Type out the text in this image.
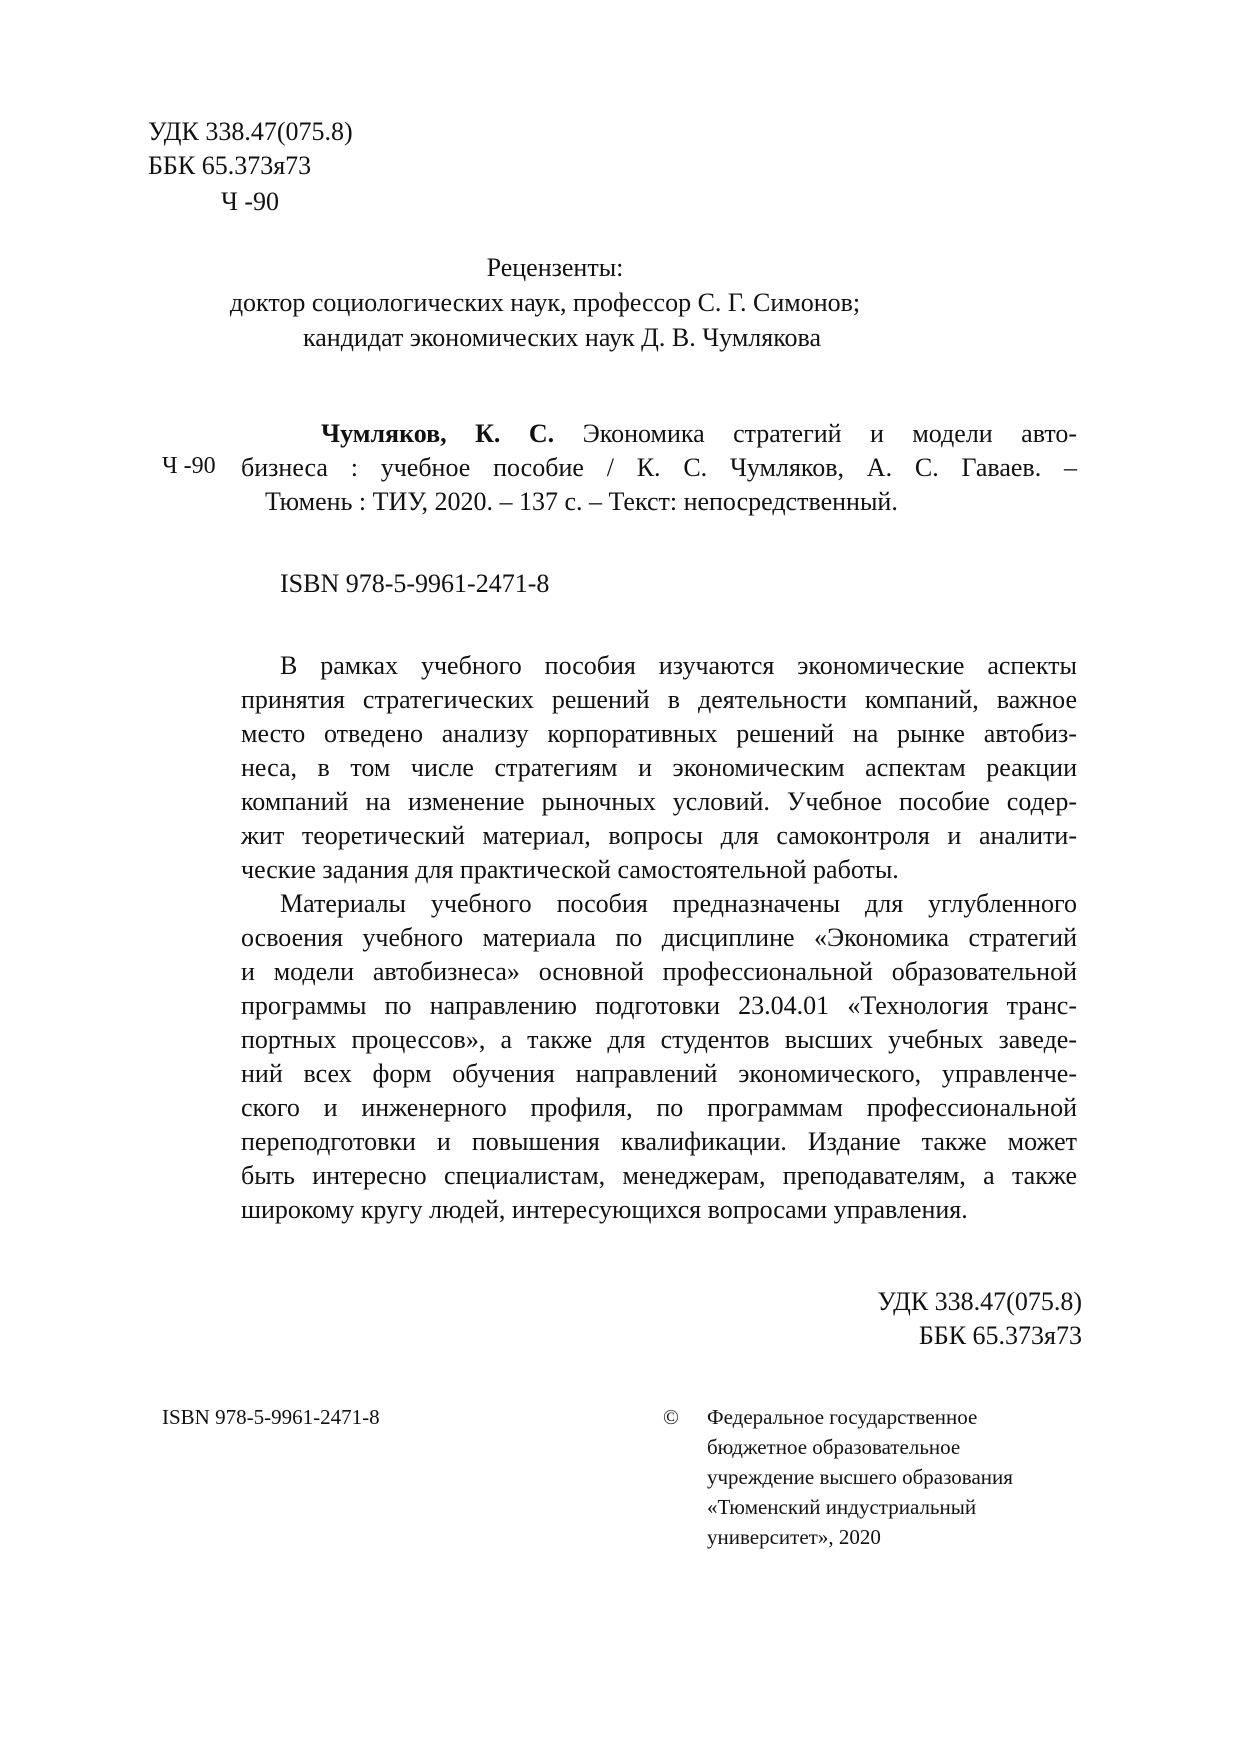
УДК 338.47(075.8)
ББК 65.373я73
Ч -90
Рецензенты:
доктор социологических наук, профессор С. Г. Симонов;
кандидат экономических наук Д. В. Чумлякова
Ч -90
Чумляков, К. С. Экономика стратегий и модели авто-
бизнеса : учебное пособие / К. С. Чумляков, А. С. Гаваев. –
Тюмень : ТИУ, 2020. – 137 с. – Текст: непосредственный.
ISBN 978-5-9961-2471-8
В рамках учебного пособия изучаются экономические аспекты
принятия стратегических решений в деятельности компаний, важное
место отведено анализу корпоративных решений на рынке автобиз-
неса, в том числе стратегиям и экономическим аспектам реакции
компаний на изменение рыночных условий. Учебное пособие содер-
жит теоретический материал, вопросы для самоконтроля и аналити-
ческие задания для практической самостоятельной работы.
Материалы учебного пособия предназначены для углубленного
освоения учебного материала по дисциплине «Экономика стратегий
и модели автобизнеса» основной профессиональной образовательной
программы по направлению подготовки 23.04.01 «Технология транс-
портных процессов», а также для студентов высших учебных заведе-
ний всех форм обучения направлений экономического, управленче-
ского и инженерного профиля, по программам профессиональной
переподготовки и повышения квалификации. Издание также может
быть интересно специалистам, менеджерам, преподавателям, а также
широкому кругу людей, интересующихся вопросами управления.
УДК 338.47(075.8)
ББК 65.373я73
ISBN 978-5-9961-2471-8	© Федеральное государственное
бюджетное образовательное
учреждение высшего образования
«Тюменский индустриальный
университет», 2020
